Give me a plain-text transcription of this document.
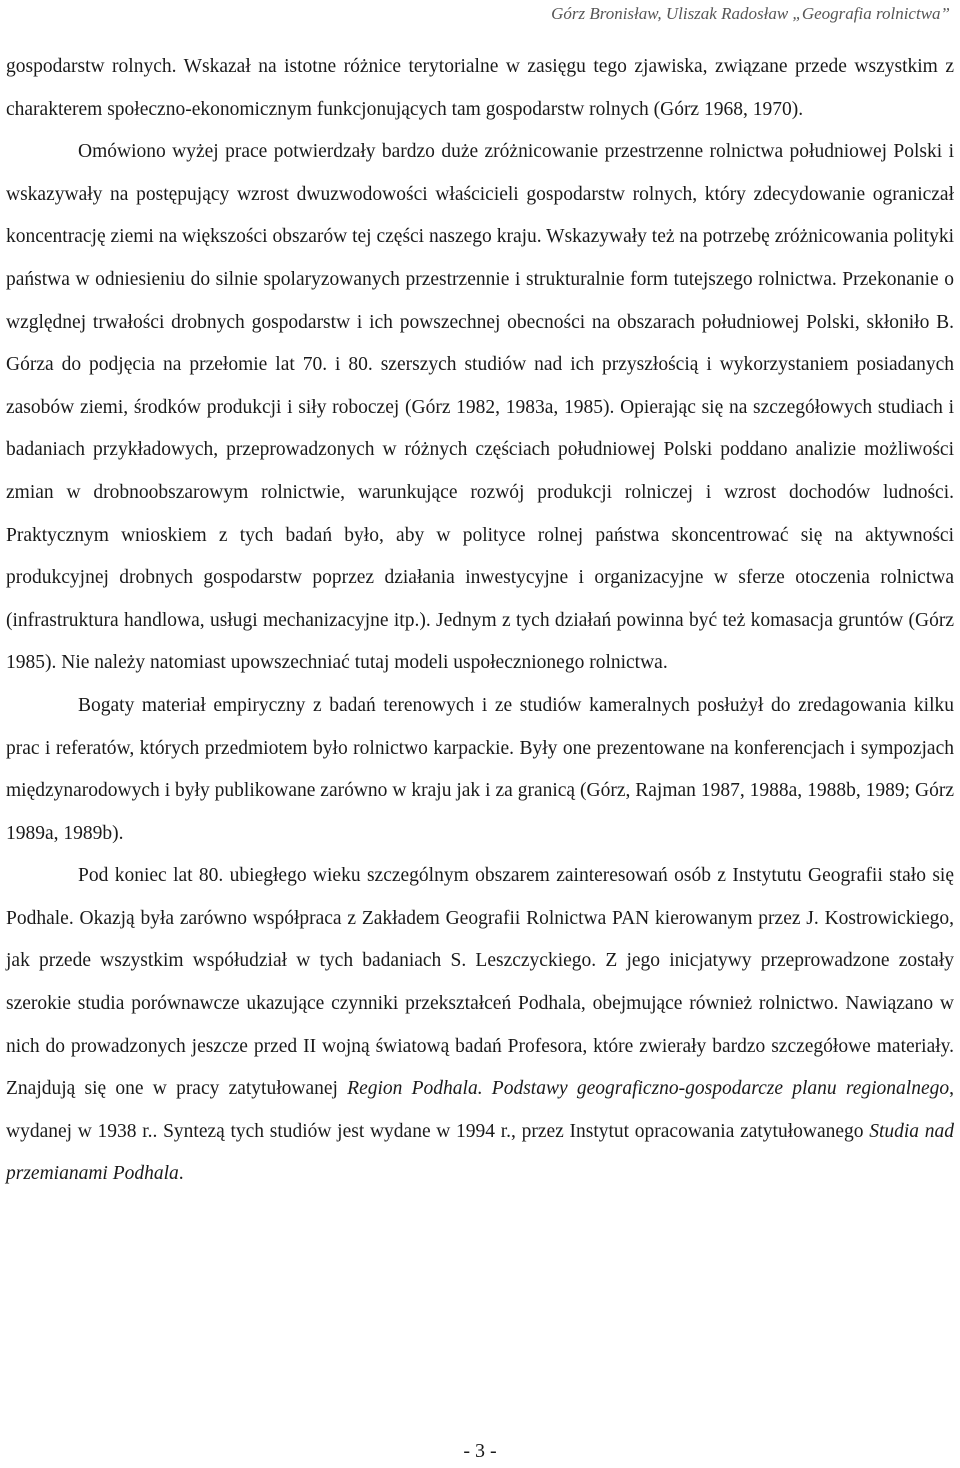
Górz Bronisław, Uliszak Radosław „Geografia rolnictwa”

gospodarstw rolnych. Wskazał na istotne różnice terytorialne w zasięgu tego zjawiska, związane przede wszystkim z charakterem społeczno-ekonomicznym funkcjonujących tam gospodarstw rolnych (Górz 1968, 1970).

Omówiono wyżej prace potwierdzały bardzo duże zróżnicowanie przestrzenne rolnictwa południowej Polski i wskazywały na postępujący wzrost dwuzwodowości właścicieli gospodarstw rolnych, który zdecydowanie ograniczał koncentrację ziemi na większości obszarów tej części naszego kraju. Wskazywały też na potrzebę zróżnicowania polityki państwa w odniesieniu do silnie spolaryzowanych przestrzennie i strukturalnie form tutejszego rolnictwa. Przekonanie o względnej trwałości drobnych gospodarstw i ich powszechnej obecności na obszarach południowej Polski, skłoniło B. Górza do podjęcia na przełomie lat 70. i 80. szerszych studiów nad ich przyszłością i wykorzystaniem posiadanych zasobów ziemi, środków produkcji i siły roboczej (Górz 1982, 1983a, 1985). Opierając się na szczegółowych studiach i badaniach przykładowych, przeprowadzonych w różnych częściach południowej Polski poddano analizie możliwości zmian w drobnoobszarowym rolnictwie, warunkujące rozwój produkcji rolniczej i wzrost dochodów ludności. Praktycznym wnioskiem z tych badań było, aby w polityce rolnej państwa skoncentrować się na aktywności produkcyjnej drobnych gospodarstw poprzez działania inwestycyjne i organizacyjne w sferze otoczenia rolnictwa (infrastruktura handlowa, usługi mechanizacyjne itp.). Jednym z tych działań powinna być też komasacja gruntów (Górz 1985). Nie należy natomiast upowszechniać tutaj modeli uspołecznionego rolnictwa.

Bogaty materiał empiryczny z badań terenowych i ze studiów kameralnych posłużył do zredagowania kilku prac i referatów, których przedmiotem było rolnictwo karpackie. Były one prezentowane na konferencjach i sympozjach międzynarodowych i były publikowane zarówno w kraju jak i za granicą (Górz, Rajman 1987, 1988a, 1988b, 1989; Górz 1989a, 1989b).

Pod koniec lat 80. ubiegłego wieku szczególnym obszarem zainteresowań osób z Instytutu Geografii stało się Podhale. Okazją była zarówno współpraca z Zakładem Geografii Rolnictwa PAN kierowanym przez J. Kostrowickiego, jak przede wszystkim współudział w tych badaniach S. Leszczyckiego. Z jego inicjatywy przeprowadzone zostały szerokie studia porównawcze ukazujące czynniki przekształceń Podhala, obejmujące również rolnictwo. Nawiązano w nich do prowadzonych jeszcze przed II wojną światową badań Profesora, które zwierały bardzo szczegółowe materiały. Znajdują się one w pracy zatytułowanej Region Podhala. Podstawy geograficzno-gospodarcze planu regionalnego, wydanej w 1938 r.. Syntezą tych studiów jest wydane w 1994 r., przez Instytut opracowania zatytułowanego Studia nad przemianami Podhala.

- 3 -
